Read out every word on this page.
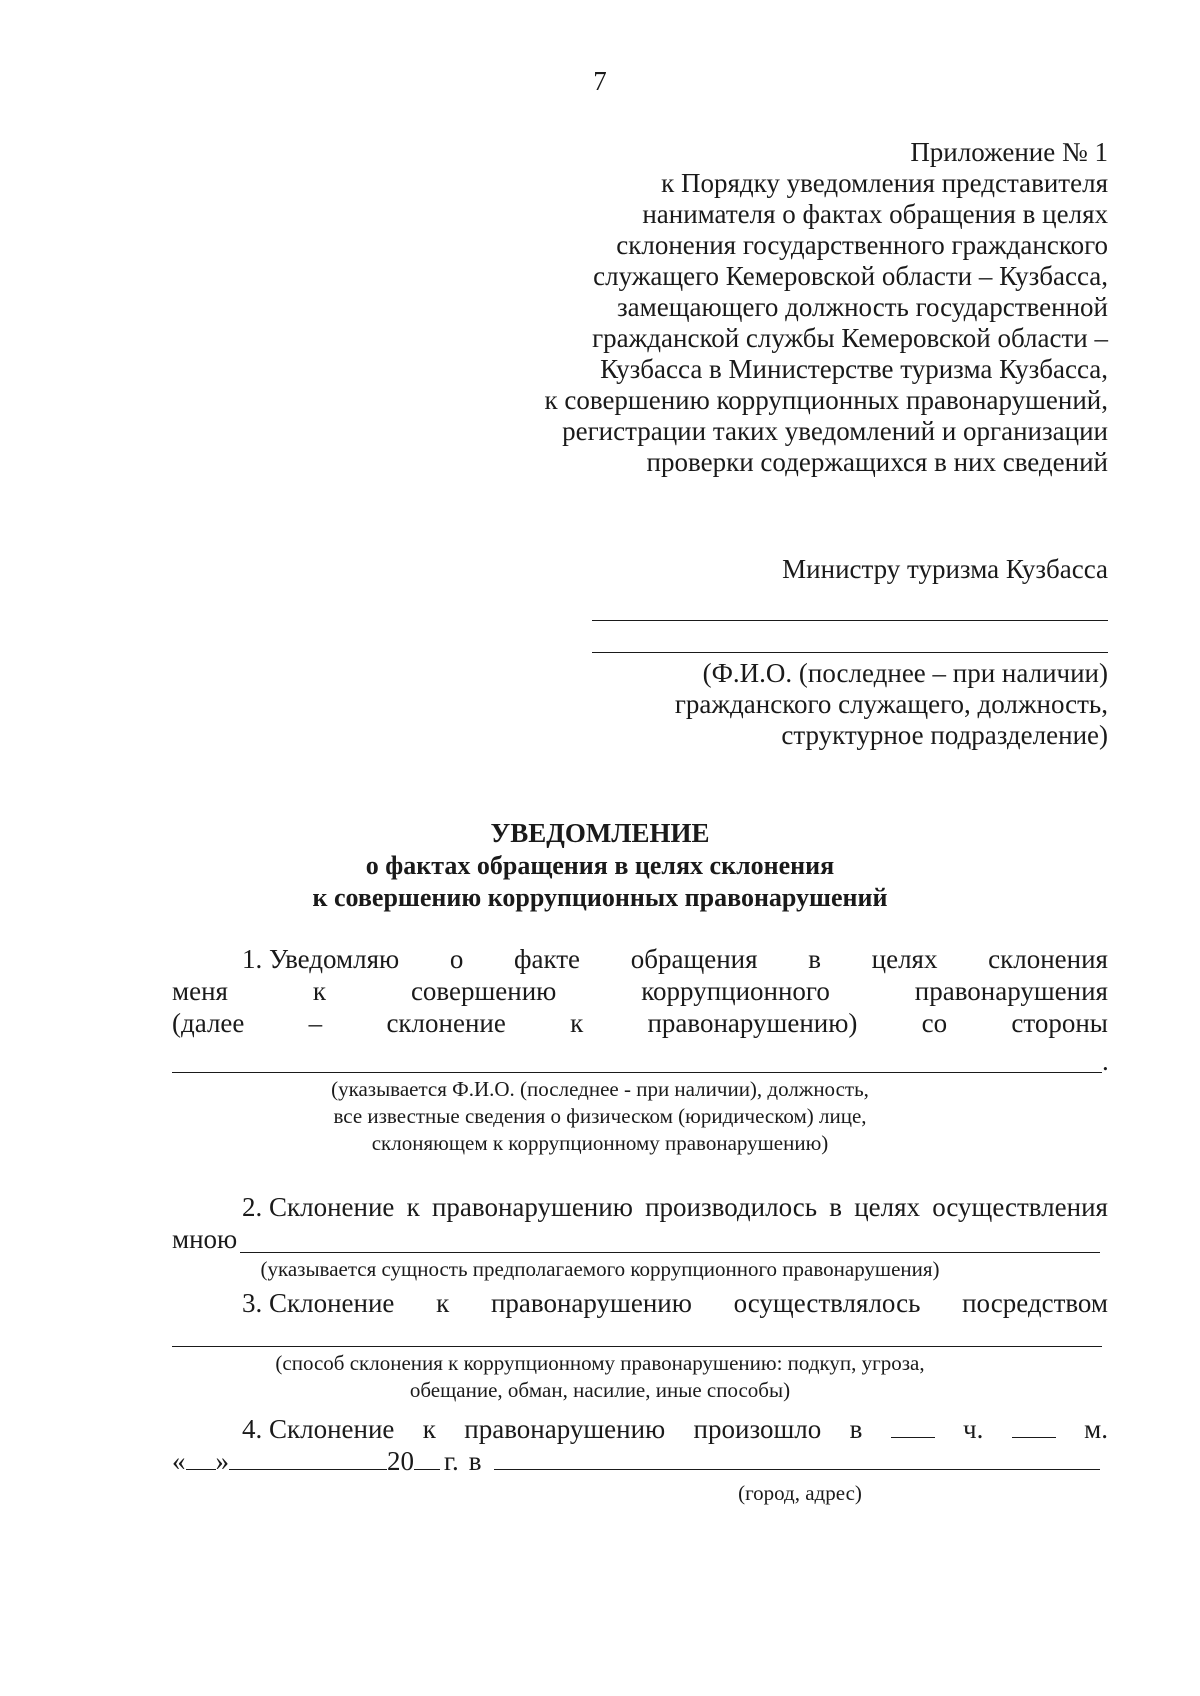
7
Приложение № 1
к Порядку уведомления представителя
нанимателя о фактах обращения в целях
склонения государственного гражданского
служащего Кемеровской области – Кузбасса,
замещающего должность государственной
гражданской службы Кемеровской области –
Кузбасса в Министерстве туризма Кузбасса,
к совершению коррупционных правонарушений,
регистрации таких уведомлений и организации
проверки содержащихся в них сведений
Министру туризма Кузбасса
(Ф.И.О. (последнее – при наличии)
гражданского служащего, должность,
структурное подразделение)
УВЕДОМЛЕНИЕ
о фактах обращения в целях склонения
к совершению коррупционных правонарушений
1. Уведомляю о факте обращения в целях склонения
меня	к	совершению	коррупционного	правонарушения
(далее – склонение к правонарушению) со стороны
.
(указывается Ф.И.О. (последнее - при наличии), должность,
все известные сведения о физическом (юридическом) лице,
склоняющем к коррупционному правонарушению)
2. Склонение к правонарушению производилось в целях осуществления
мною
(указывается сущность предполагаемого коррупционного правонарушения)
3. Склонение к правонарушению осуществлялось посредством
(способ склонения к коррупционному правонарушению: подкуп, угроза,
обещание, обман, насилие, иные способы)
4. Склонение к правонарушению произошло в	ч.	м.
« »	20 г. в
(город, адрес)
